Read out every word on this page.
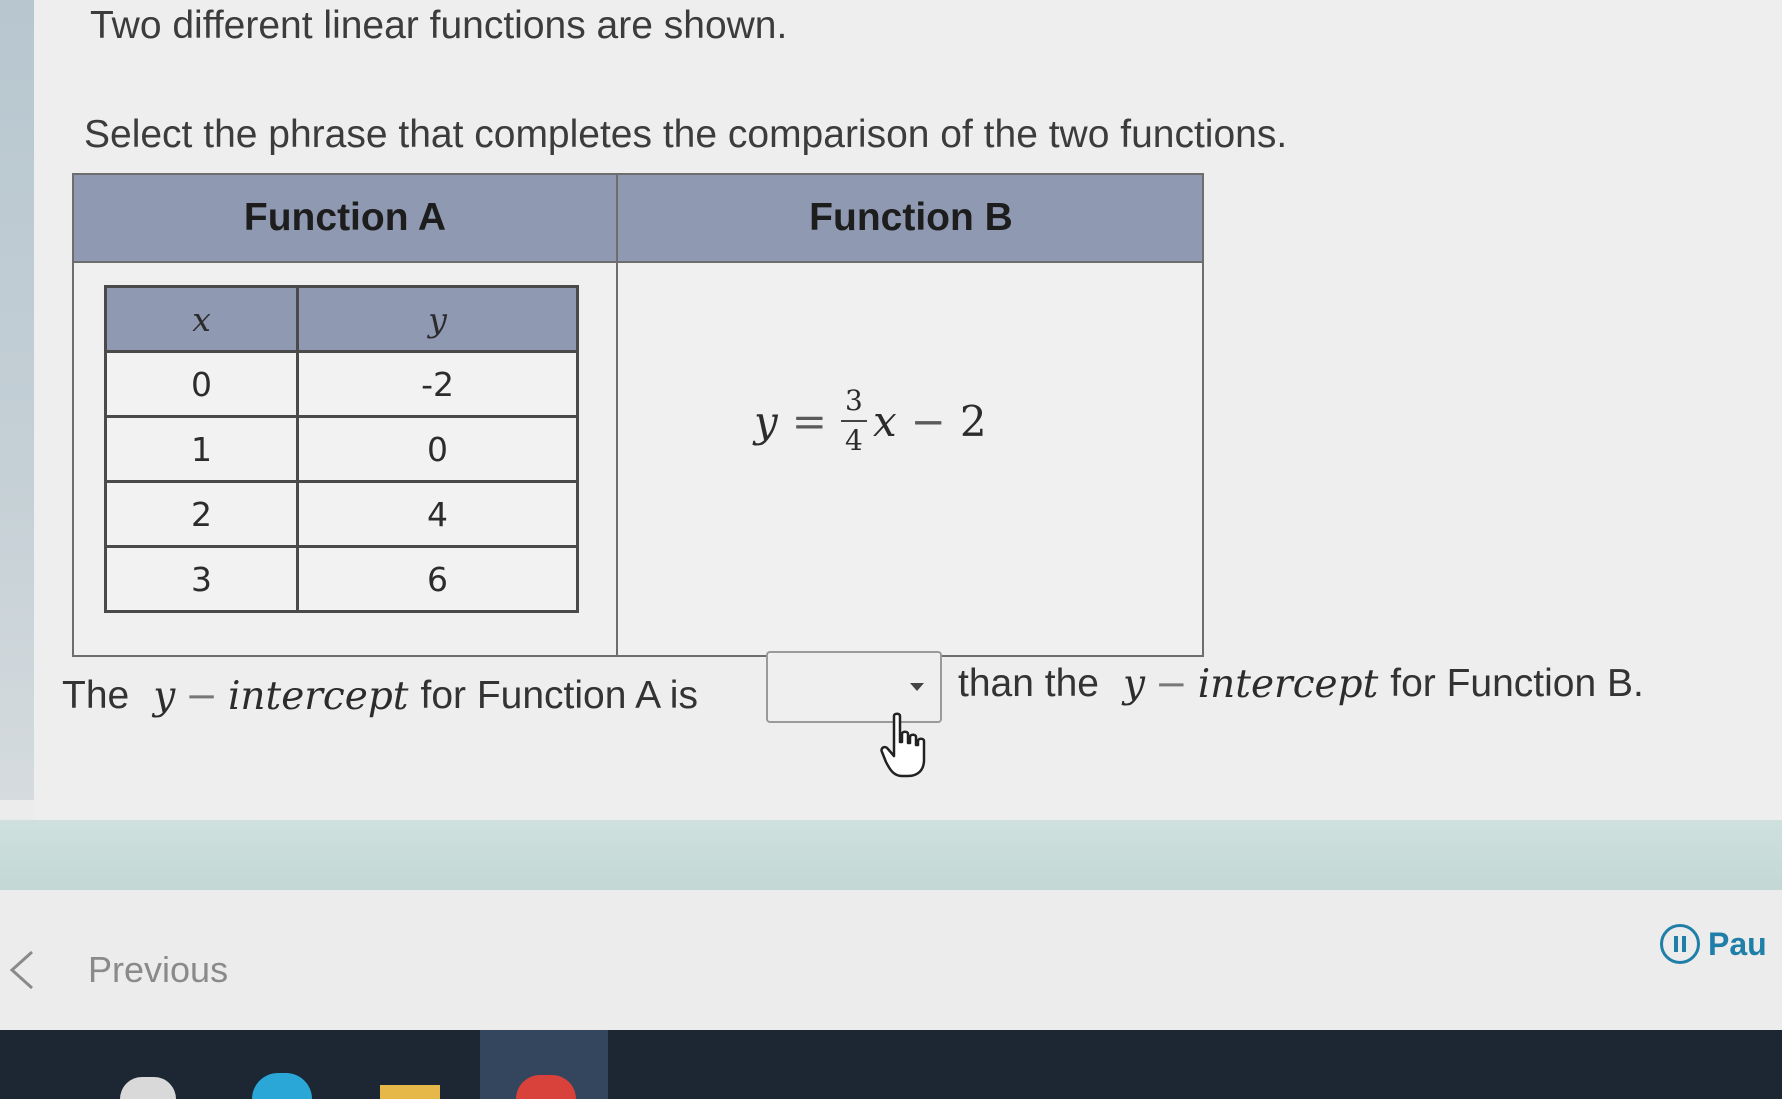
Two different linear functions are shown.
Select the phrase that completes the comparison of the two functions.
Function A	Function B
x	y
0	-2
1	0
2	4
3	6
$y = \frac{3}{4}$ x − 2
The y − intercept for Function A is	than the y − intercept for Function B.
Previous
Pau
